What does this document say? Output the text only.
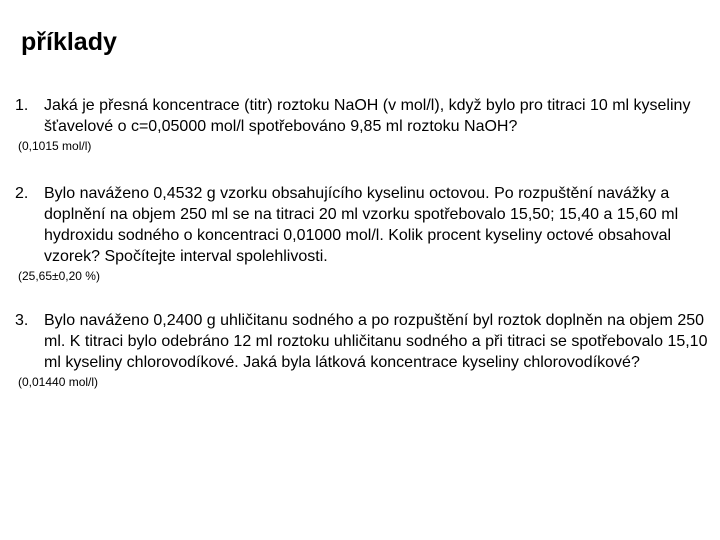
příklady
1. Jaká je přesná koncentrace (titr) roztoku NaOH (v mol/l), když bylo pro titraci 10 ml kyseliny šťavelové o c=0,05000 mol/l spotřebováno 9,85 ml roztoku NaOH?
(0,1015 mol/l)
2. Bylo naváženo 0,4532 g vzorku obsahujícího kyselinu octovou. Po rozpuštění navážky a doplnění na objem 250 ml se na titraci 20 ml vzorku spotřebovalo 15,50; 15,40 a 15,60 ml hydroxidu sodného o koncentraci 0,01000 mol/l. Kolik procent kyseliny octové obsahoval vzorek? Spočítejte interval spolehlivosti.
(25,65±0,20 %)
3. Bylo naváženo 0,2400 g uhličitanu sodného a po rozpuštění byl roztok doplněn na objem 250 ml. K titraci bylo odebráno 12 ml roztoku uhličitanu sodného a při titraci se spotřebovalo 15,10 ml kyseliny chlorovodíkové. Jaká byla látková koncentrace kyseliny chlorovodíkové?
(0,01440 mol/l)
